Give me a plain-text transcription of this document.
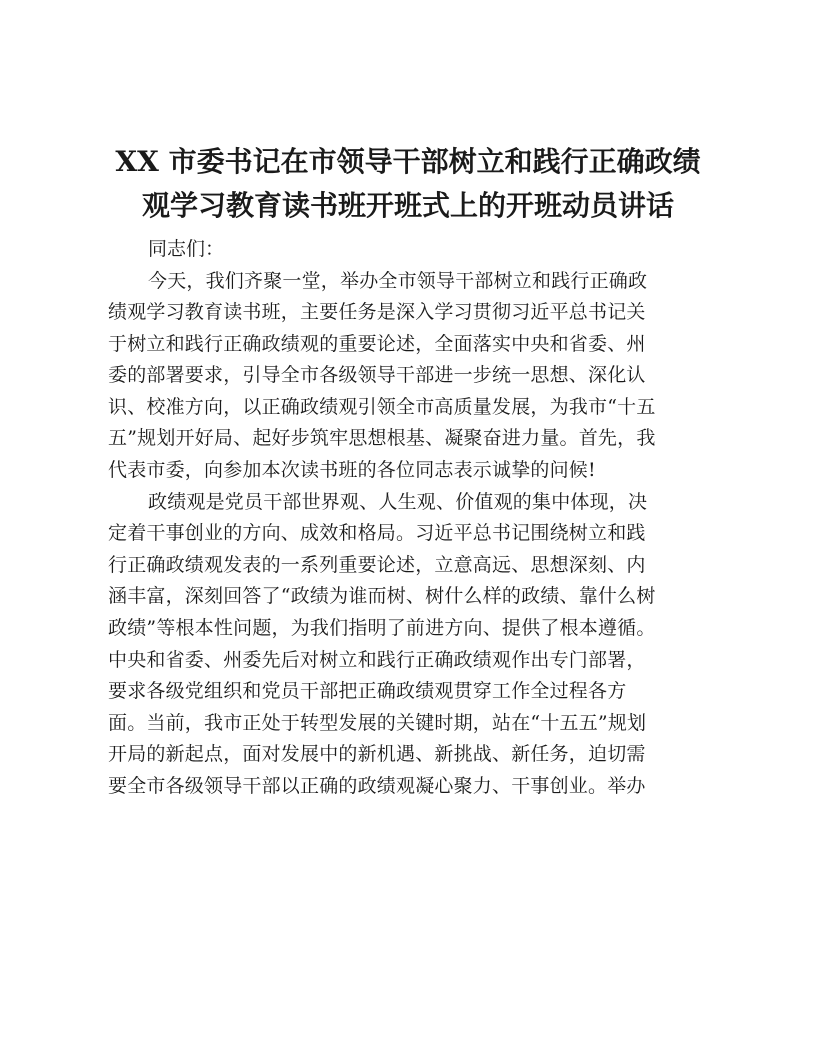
XX 市委书记在市领导干部树立和践行正确政绩
观学习教育读书班开班式上的开班动员讲话

同志们：

今天，我们齐聚一堂，举办全市领导干部树立和践行正确政
绩观学习教育读书班，主要任务是深入学习贯彻习近平总书记关
于树立和践行正确政绩观的重要论述，全面落实中央和省委、州
委的部署要求，引导全市各级领导干部进一步统一思想、深化认
识、校准方向，以正确政绩观引领全市高质量发展，为我市“十五
五”规划开好局、起好步筑牢思想根基、凝聚奋进力量。首先，我
代表市委，向参加本次读书班的各位同志表示诚挚的问候!

政绩观是党员干部世界观、人生观、价值观的集中体现，决
定着干事创业的方向、成效和格局。习近平总书记围绕树立和践
行正确政绩观发表的一系列重要论述，立意高远、思想深刻、内
涵丰富，深刻回答了“政绩为谁而树、树什么样的政绩、靠什么树
政绩”等根本性问题，为我们指明了前进方向、提供了根本遵循。
中央和省委、州委先后对树立和践行正确政绩观作出专门部署，
要求各级党组织和党员干部把正确政绩观贯穿工作全过程各方
面。当前，我市正处于转型发展的关键时期，站在“十五五”规划
开局的新起点，面对发展中的新机遇、新挑战、新任务，迫切需
要全市各级领导干部以正确的政绩观凝心聚力、干事创业。举办
